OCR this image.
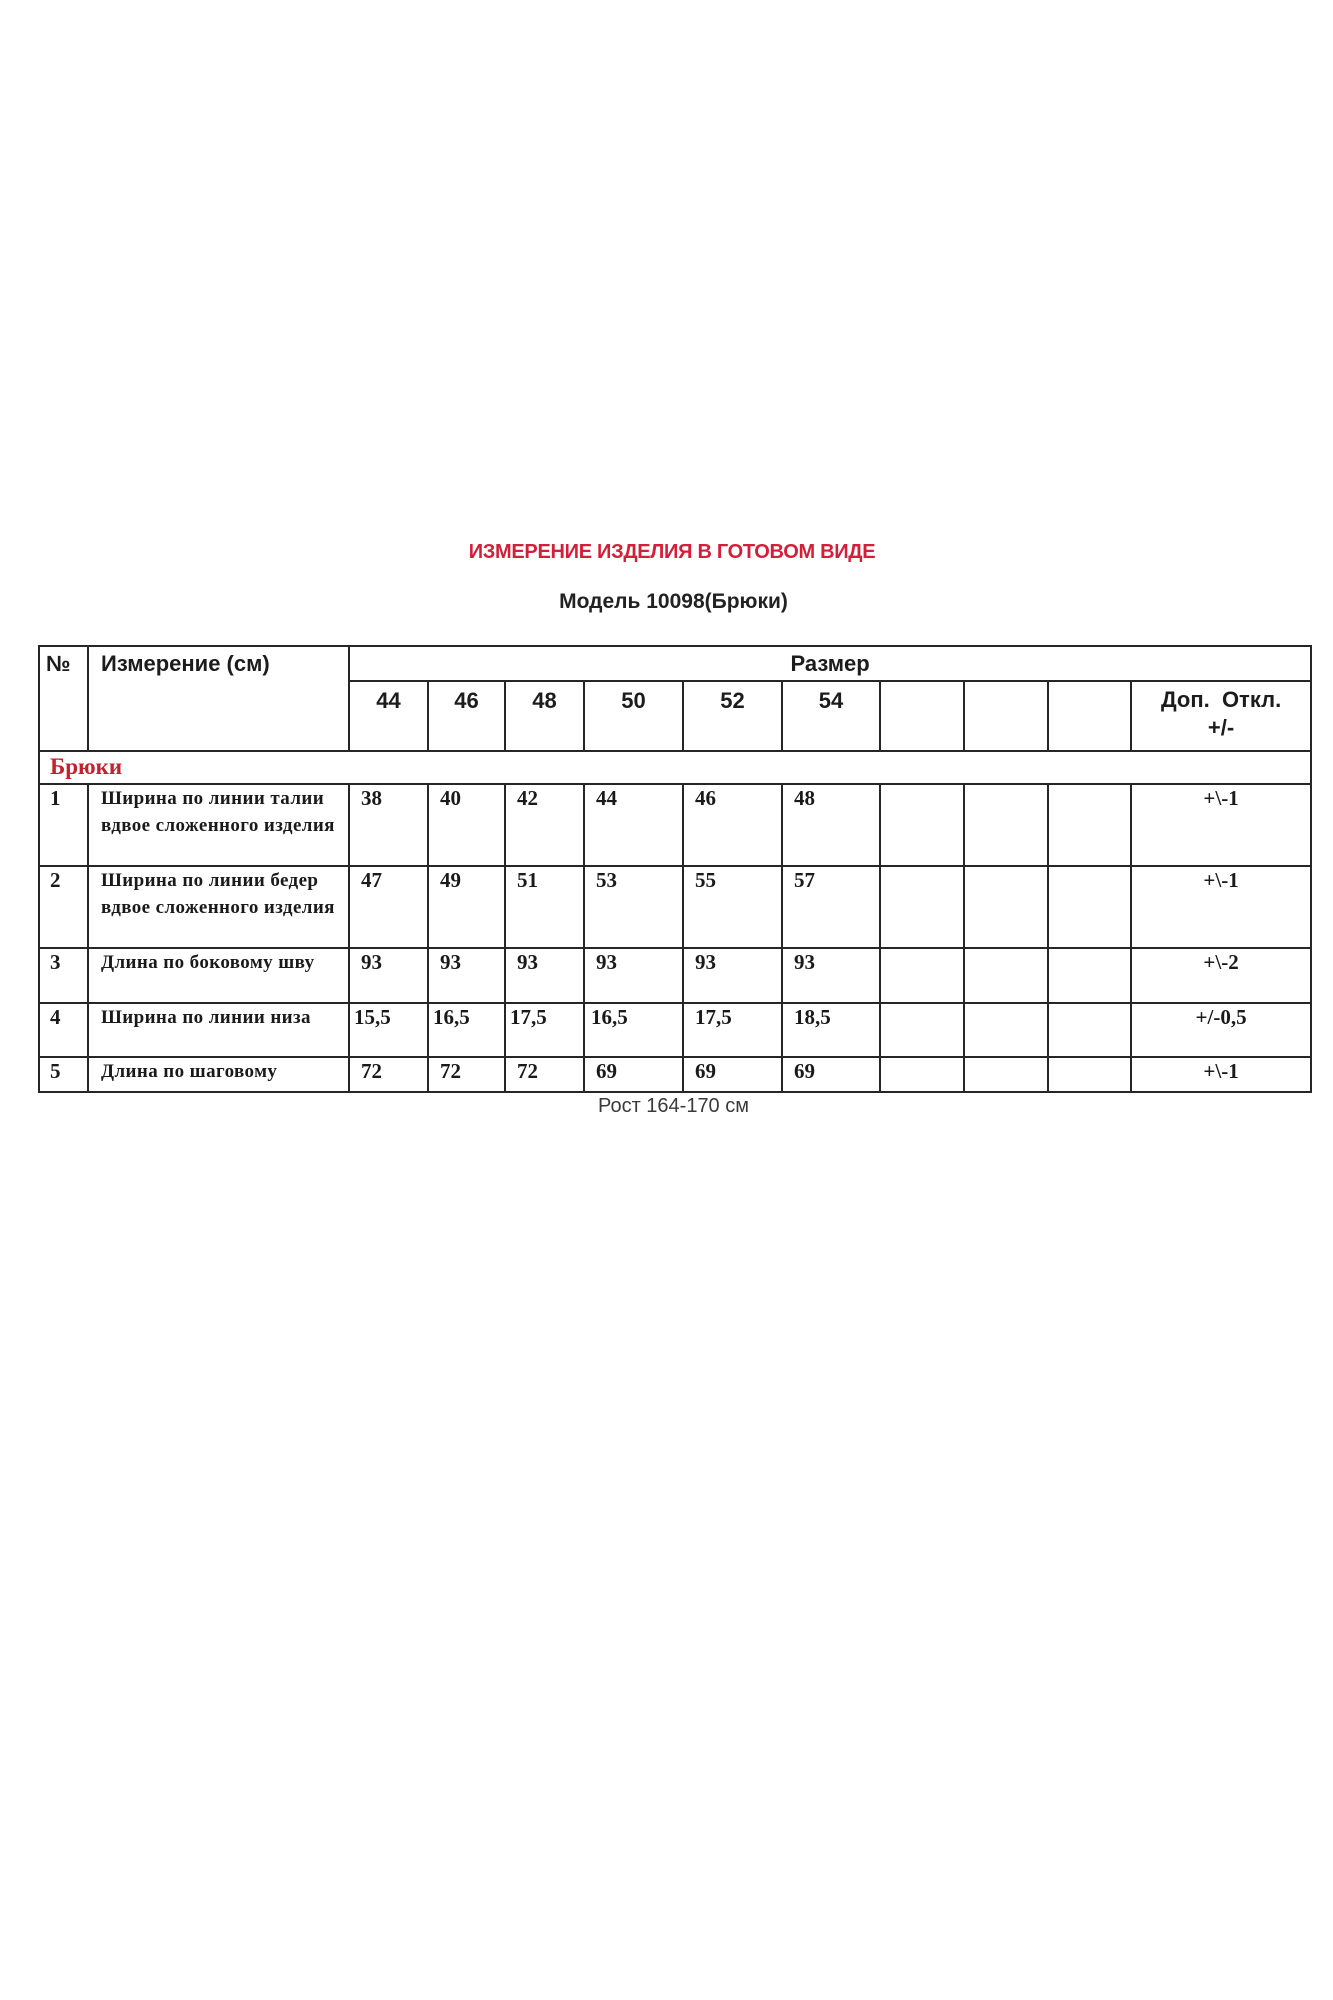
ИЗМЕРЕНИЕ ИЗДЕЛИЯ В ГОТОВОМ ВИДЕ
Модель 10098(Брюки)
№	Измерение (см)	Размер									
		44	46	48	50	52	54				Доп.  Откл.
+/-

Брюки											
1	Ширина по линии талии вдвое сложенного изделия	38	40	42	44	46	48				+\-1
2	Ширина по линии бедер вдвое сложенного изделия	47	49	51	53	55	57				+\-1
3	Длина по боковому шву	93	93	93	93	93	93				+\-2
4	Ширина по линии низа	15,5	16,5	17,5	16,5	17,5	18,5				+/-0,5
5	Длина по шаговому	72	72	72	69	69	69				+\-1
Рост 164-170 см
